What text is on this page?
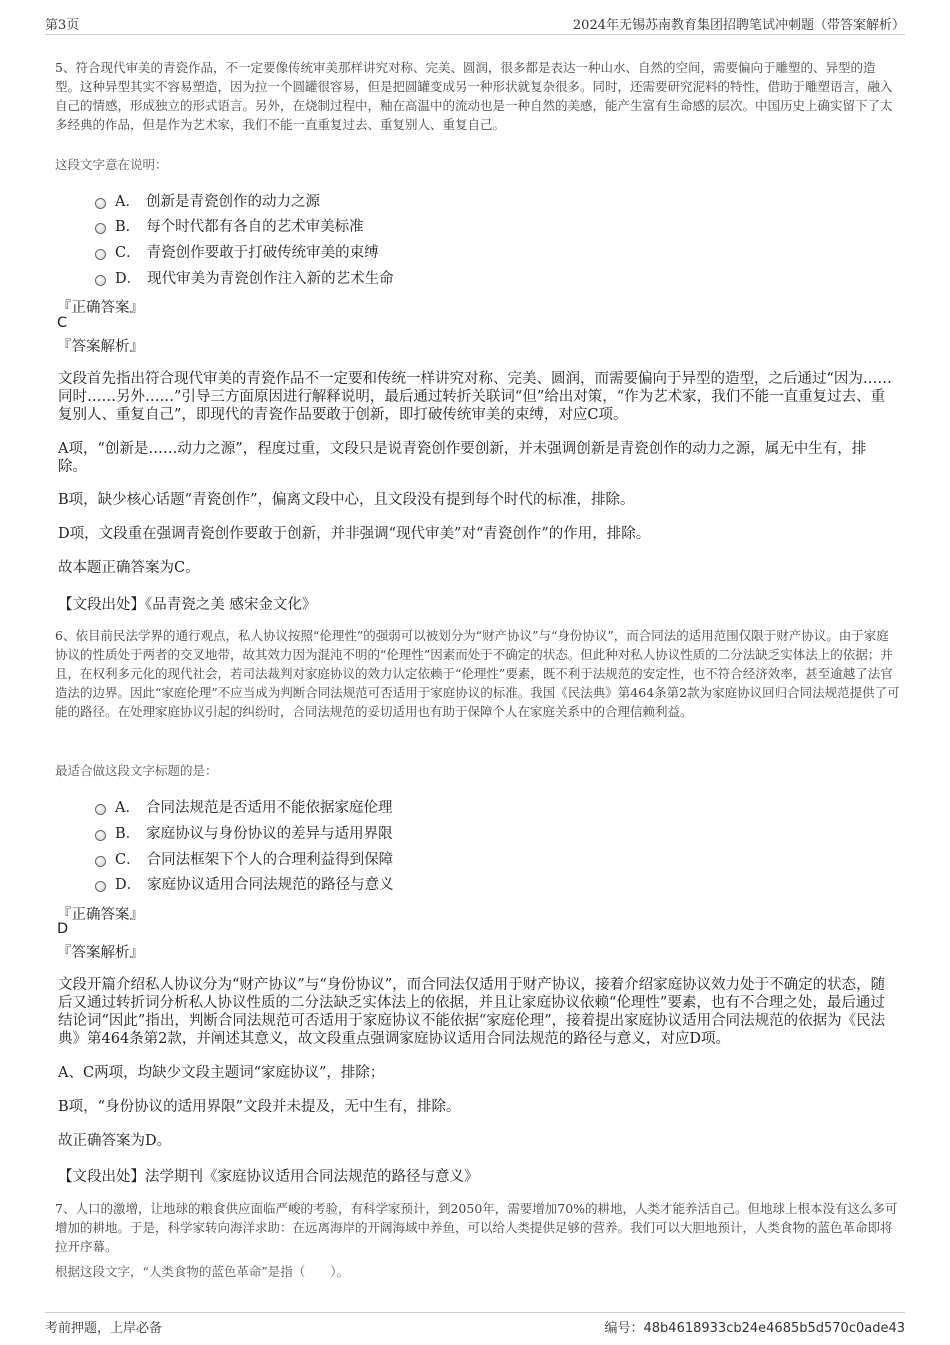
第3页	2024年无锡苏南教育集团招聘笔试冲刺题（带答案解析）
5、符合现代审美的青瓷作品，不一定要像传统审美那样讲究对称、完美、圆润，很多都是表达一种山水、自然的空间，需要偏向于雕塑的、异型的造型。这种异型其实不容易塑造，因为拉一个圆罐很容易，但是把圆罐变成另一种形状就复杂很多。同时，还需要研究泥料的特性，借助于雕塑语言，融入自己的情感，形成独立的形式语言。另外，在烧制过程中，釉在高温中的流动也是一种自然的美感，能产生富有生命感的层次。中国历史上确实留下了太多经典的作品，但是作为艺术家，我们不能一直重复过去、重复别人、重复自己。
这段文字意在说明：
A． 创新是青瓷创作的动力之源
B． 每个时代都有各自的艺术审美标准
C． 青瓷创作要敢于打破传统审美的束缚
D． 现代审美为青瓷创作注入新的艺术生命
『正确答案』
C
『答案解析』
文段首先指出符合现代审美的青瓷作品不一定要和传统一样讲究对称、完美、圆润，而需要偏向于异型的造型，之后通过“因为……同时……另外……”引导三方面原因进行解释说明，最后通过转折关联词“但”给出对策，“作为艺术家，我们不能一直重复过去、重复别人、重复自己”，即现代的青瓷作品要敢于创新，即打破传统审美的束缚，对应C项。
A项，“创新是……动力之源”，程度过重，文段只是说青瓷创作要创新，并未强调创新是青瓷创作的动力之源，属无中生有，排除。
B项，缺少核心话题“青瓷创作”，偏离文段中心，且文段没有提到每个时代的标准，排除。
D项，文段重在强调青瓷创作要敢于创新，并非强调“现代审美”对“青瓷创作”的作用，排除。
故本题正确答案为C。
【文段出处】《品青瓷之美 感宋金文化》
6、依目前民法学界的通行观点，私人协议按照“伦理性”的强弱可以被划分为“财产协议”与“身份协议”，而合同法的适用范围仅限于财产协议。由于家庭协议的性质处于两者的交叉地带，故其效力因为混沌不明的“伦理性”因素而处于不确定的状态。但此种对私人协议性质的二分法缺乏实体法上的依据；并且，在权利多元化的现代社会，若司法裁判对家庭协议的效力认定依赖于“伦理性”要素，既不利于法规范的安定性，也不符合经济效率，甚至逾越了法官造法的边界。因此“家庭伦理”不应当成为判断合同法规范可否适用于家庭协议的标准。我国《民法典》第464条第2款为家庭协议回归合同法规范提供了可能的路径。在处理家庭协议引起的纠纷时，合同法规范的妥切适用也有助于保障个人在家庭关系中的合理信赖利益。
最适合做这段文字标题的是：
A． 合同法规范是否适用不能依据家庭伦理
B． 家庭协议与身份协议的差异与适用界限
C． 合同法框架下个人的合理利益得到保障
D． 家庭协议适用合同法规范的路径与意义
『正确答案』
D
『答案解析』
文段开篇介绍私人协议分为“财产协议”与“身份协议”，而合同法仅适用于财产协议，接着介绍家庭协议效力处于不确定的状态，随后又通过转折词分析私人协议性质的二分法缺乏实体法上的依据，并且让家庭协议依赖“伦理性”要素，也有不合理之处，最后通过结论词“因此”指出，判断合同法规范可否适用于家庭协议不能依据“家庭伦理”，接着提出家庭协议适用合同法规范的依据为《民法典》第464条第2款，并阐述其意义，故文段重点强调家庭协议适用合同法规范的路径与意义，对应D项。
A、C两项，均缺少文段主题词“家庭协议”，排除；
B项，“身份协议的适用界限”文段并未提及，无中生有，排除。
故正确答案为D。
【文段出处】法学期刊《家庭协议适用合同法规范的路径与意义》
7、人口的激增，让地球的粮食供应面临严峻的考验，有科学家预计，到2050年，需要增加70%的耕地，人类才能养活自己。但地球上根本没有这么多可增加的耕地。于是，科学家转向海洋求助：在远离海岸的开阔海域中养鱼，可以给人类提供足够的营养。我们可以大胆地预计，人类食物的蓝色革命即将拉开序幕。
根据这段文字，“人类食物的蓝色革命”是指（　　）。
考前押题，上岸必备	编号：48b4618933cb24e4685b5d570c0ade43
